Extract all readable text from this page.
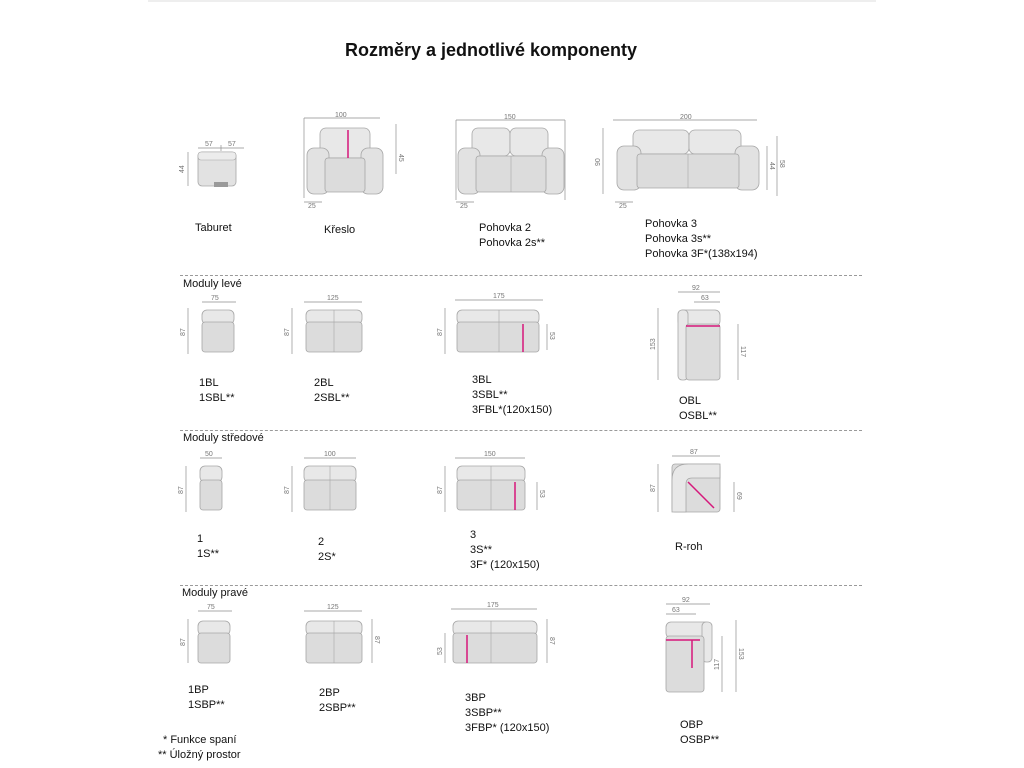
Rozměry a jednotlivé komponenty
57 57
44
Taburet
100
45
25
Křeslo
150
25
Pohovka 2
Pohovka 2s**
200
90	44 58
25
Pohovka 3
Pohovka 3s**
Pohovka 3F*(138x194)
Moduly levé
75
87
1BL
1SBL**
125
87
2BL
2SBL**
175
87	53
3BL
3SBL**
3FBL*(120x150)
92
63
153
117
OBL
OSBL**
Moduly středové
50
87
1
1S**
100
87
2
2S*
150
87	53
3
3S**
3F* (120x150)
87
87
69
R-roh
Moduly pravé
75
87
1BP
1SBP**
125
87
2BP
2SBP**
175
53
87
3BP
3SBP**
3FBP* (120x150)
92
63
117
153
OBP
OSBP**
* Funkce spaní
** Úložný prostor
